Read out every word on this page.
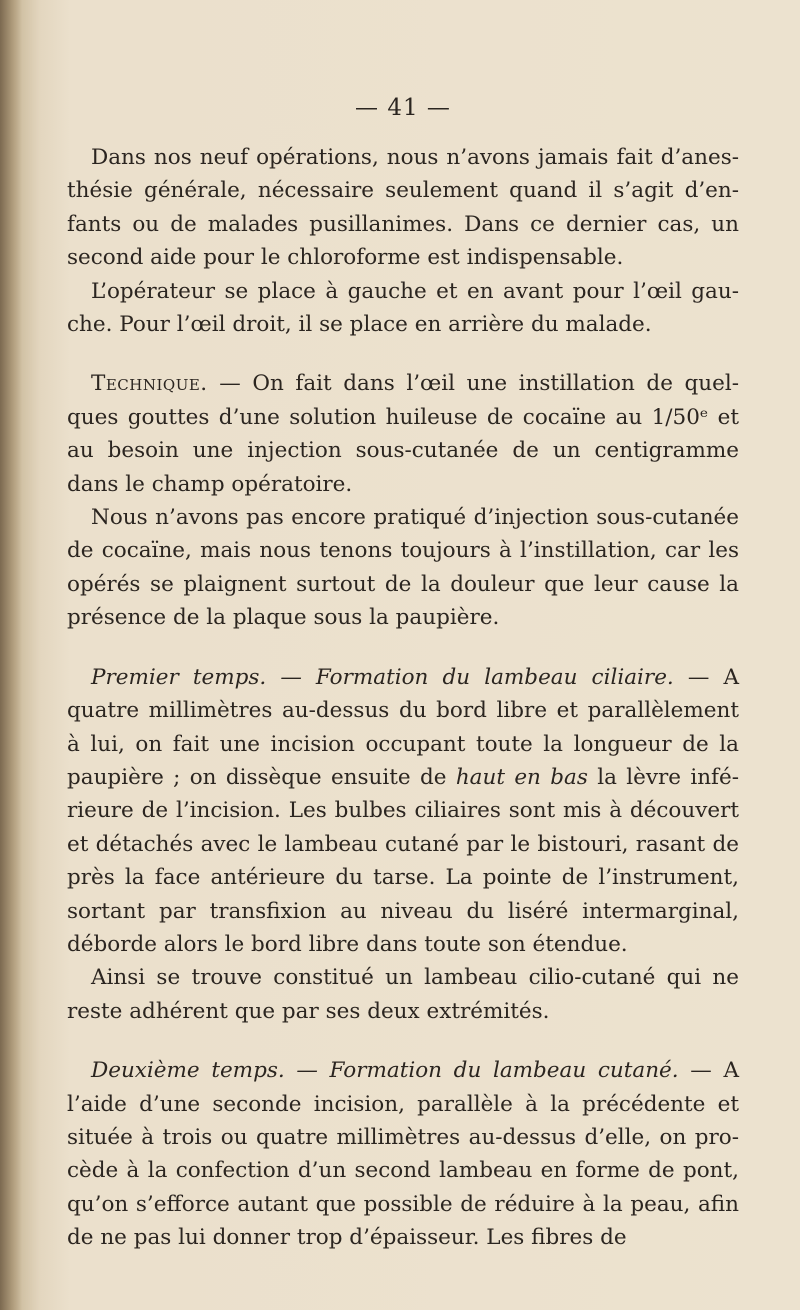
— 41 —

Dans nos neuf opérations, nous n’avons jamais fait d’anesthésie générale, nécessaire seulement quand il s’agit d’enfants ou de malades pusillanimes. Dans ce dernier cas, un second aide pour le chloroforme est indispensable.

L’opérateur se place à gauche et en avant pour l’œil gauche. Pour l’œil droit, il se place en arrière du malade.

Technique. — On fait dans l’œil une instillation de quelques gouttes d’une solution huileuse de cocaïne au 1/50ᵉ et au besoin une injection sous-cutanée de un centigramme dans le champ opératoire.

Nous n’avons pas encore pratiqué d’injection sous-cutanée de cocaïne, mais nous tenons toujours à l’instillation, car les opérés se plaignent surtout de la douleur que leur cause la présence de la plaque sous la paupière.

Premier temps. — Formation du lambeau ciliaire. — A quatre millimètres au-dessus du bord libre et parallèlement à lui, on fait une incision occupant toute la longueur de la paupière ; on dissèque ensuite de haut en bas la lèvre inférieure de l’incision. Les bulbes ciliaires sont mis à découvert et détachés avec le lambeau cutané par le bistouri, rasant de près la face antérieure du tarse. La pointe de l’instrument, sortant par transfixion au niveau du liséré intermarginal, déborde alors le bord libre dans toute son étendue.

Ainsi se trouve constitué un lambeau cilio-cutané qui ne reste adhérent que par ses deux extrémités.

Deuxième temps. — Formation du lambeau cutané. — A l’aide d’une seconde incision, parallèle à la précédente et située à trois ou quatre millimètres au-dessus d’elle, on procède à la confection d’un second lambeau en forme de pont, qu’on s’efforce autant que possible de réduire à la peau, afin de ne pas lui donner trop d’épaisseur. Les fibres de
